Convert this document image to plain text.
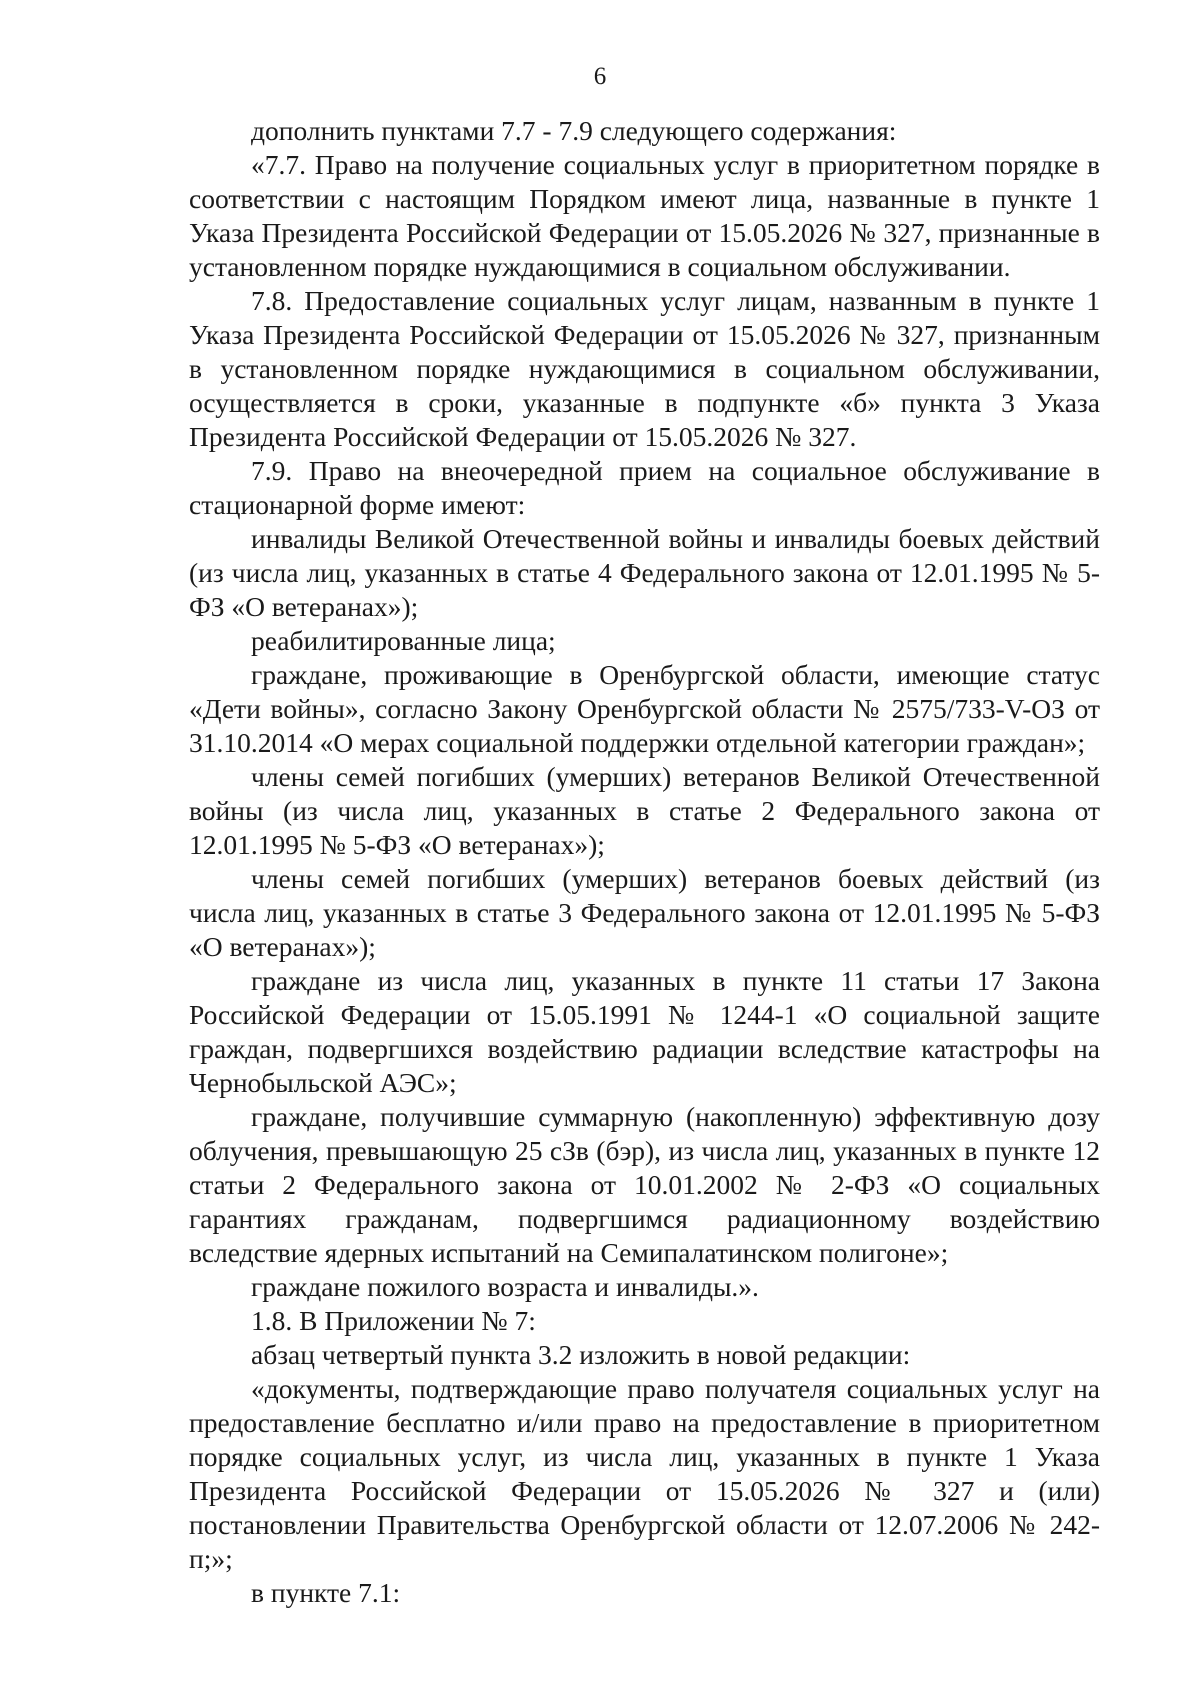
6

дополнить пунктами 7.7 - 7.9 следующего содержания:

«7.7. Право на получение социальных услуг в приоритетном порядке в соответствии с настоящим Порядком имеют лица, названные в пункте 1 Указа Президента Российской Федерации от 15.05.2026 № 327, признанные в установленном порядке нуждающимися в социальном обслуживании.

7.8. Предоставление социальных услуг лицам, названным в пункте 1 Указа Президента Российской Федерации от 15.05.2026 № 327, признанным в установленном порядке нуждающимися в социальном обслуживании, осуществляется в сроки, указанные в подпункте «б» пункта 3 Указа Президента Российской Федерации от 15.05.2026 № 327.

7.9. Право на внеочередной прием на социальное обслуживание в стационарной форме имеют:

инвалиды Великой Отечественной войны и инвалиды боевых действий (из числа лиц, указанных в статье 4 Федерального закона от 12.01.1995 № 5-ФЗ «О ветеранах»);

реабилитированные лица;

граждане, проживающие в Оренбургской области, имеющие статус «Дети войны», согласно Закону Оренбургской области № 2575/733-V-ОЗ от 31.10.2014 «О мерах социальной поддержки отдельной категории граждан»;

члены семей погибших (умерших) ветеранов Великой Отечественной войны (из числа лиц, указанных в статье 2 Федерального закона от 12.01.1995 № 5-ФЗ «О ветеранах»);

члены семей погибших (умерших) ветеранов боевых действий (из числа лиц, указанных в статье 3 Федерального закона от 12.01.1995 № 5-ФЗ «О ветеранах»);

граждане из числа лиц, указанных в пункте 11 статьи 17 Закона Российской Федерации от 15.05.1991 № 1244-1 «О социальной защите граждан, подвергшихся воздействию радиации вследствие катастрофы на Чернобыльской АЭС»;

граждане, получившие суммарную (накопленную) эффективную дозу облучения, превышающую 25 сЗв (бэр), из числа лиц, указанных в пункте 12 статьи 2 Федерального закона от 10.01.2002 № 2-ФЗ «О социальных гарантиях гражданам, подвергшимся радиационному воздействию вследствие ядерных испытаний на Семипалатинском полигоне»;

граждане пожилого возраста и инвалиды.».

1.8. В Приложении № 7:

абзац четвертый пункта 3.2 изложить в новой редакции:

«документы, подтверждающие право получателя социальных услуг на предоставление бесплатно и/или право на предоставление в приоритетном порядке социальных услуг, из числа лиц, указанных в пункте 1 Указа Президента Российской Федерации от 15.05.2026 № 327 и (или) постановлении Правительства Оренбургской области от 12.07.2006 № 242-п;»;

в пункте 7.1:
